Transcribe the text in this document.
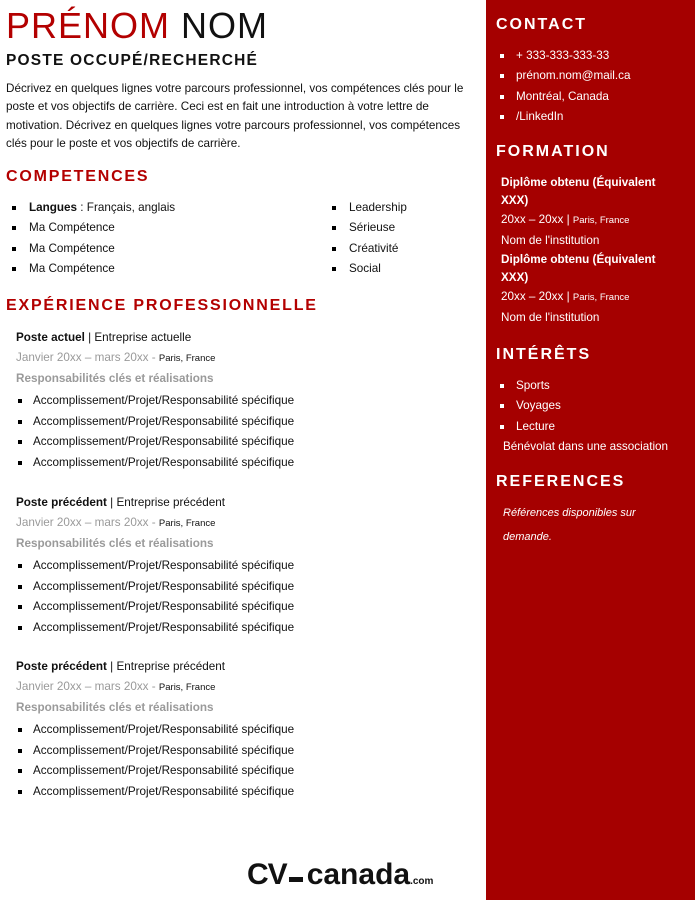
PRÉNOM NOM
POSTE OCCUPÉ/RECHERCHÉ
Décrivez en quelques lignes votre parcours professionnel, vos compétences clés pour le poste et vos objectifs de carrière. Ceci est en fait une introduction à votre lettre de motivation. Décrivez en quelques lignes votre parcours professionnel, vos compétences clés pour le poste et vos objectifs de carrière.
COMPETENCES
Langues : Français, anglais
Ma Compétence
Ma Compétence
Ma Compétence
Leadership
Sérieuse
Créativité
Social
EXPÉRIENCE PROFESSIONNELLE
Poste actuel | Entreprise actuelle
Janvier 20xx – mars 20xx - Paris, France
Responsabilités clés et réalisations
Accomplissement/Projet/Responsabilité spécifique
Accomplissement/Projet/Responsabilité spécifique
Accomplissement/Projet/Responsabilité spécifique
Accomplissement/Projet/Responsabilité spécifique
Poste précédent | Entreprise précédent
Janvier 20xx – mars 20xx - Paris, France
Responsabilités clés et réalisations
Accomplissement/Projet/Responsabilité spécifique
Accomplissement/Projet/Responsabilité spécifique
Accomplissement/Projet/Responsabilité spécifique
Accomplissement/Projet/Responsabilité spécifique
Poste précédent | Entreprise précédent
Janvier 20xx – mars 20xx - Paris, France
Responsabilités clés et réalisations
Accomplissement/Projet/Responsabilité spécifique
Accomplissement/Projet/Responsabilité spécifique
Accomplissement/Projet/Responsabilité spécifique
Accomplissement/Projet/Responsabilité spécifique
CV canada.com
CONTACT
+ 333-333-333-33
prénom.nom@mail.ca
Montréal, Canada
/LinkedIn
FORMATION
Diplôme obtenu (Équivalent XXX)
20xx – 20xx | Paris, France
Nom de l'institution
Diplôme obtenu (Équivalent XXX)
20xx – 20xx | Paris, France
Nom de l'institution
INTÉRÊTS
Sports
Voyages
Lecture
Bénévolat dans une association
REFERENCES
Références disponibles sur demande.
